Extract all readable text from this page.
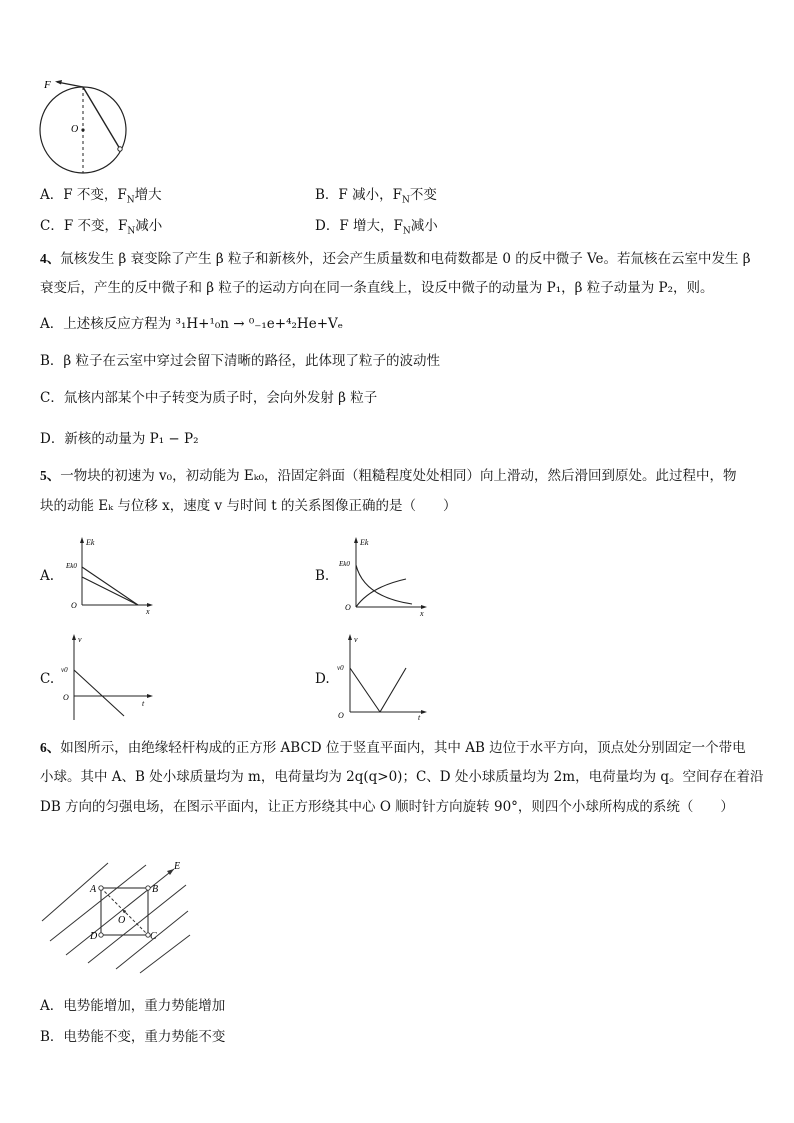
F
O
A．F 不变，$F_N$增大	B．F 减小，$F_N$不变
C．F 不变，$F_N$减小	D．F 增大，$F_N$减小
4、氚核发生 β 衰变除了产生 β 粒子和新核外，还会产生质量数和电荷数都是 0 的反中微子 Ve。若氚核在云室中发生 β
衰变后，产生的反中微子和 β 粒子的运动方向在同一条直线上，设反中微子的动量为 P₁，β 粒子动量为 P₂，则。
A．上述核反应方程为 ³₁H+¹₀n → ⁰₋₁e+⁴₂He+Vₑ
B．β 粒子在云室中穿过会留下清晰的路径，此体现了粒子的波动性
C．氚核内部某个中子转变为质子时，会向外发射 β 粒子
D．新核的动量为 P₁ − P₂
5、一物块的初速为 v₀，初动能为 Eₖ₀，沿固定斜面（粗糙程度处处相同）向上滑动，然后滑回到原处。此过程中，物
块的动能 Eₖ 与位移 x，速度 v 与时间 t 的关系图像正确的是（　　）
A.
Ek
Ek0
O
x
B.
Ek
Ek0
O
x
C.
v
v0
O
t
D.
v
v0
O	t
6、如图所示，由绝缘轻杆构成的正方形 ABCD 位于竖直平面内，其中 AB 边位于水平方向，顶点处分别固定一个带电
小球。其中 A、B 处小球质量均为 m，电荷量均为 2q(q>0)；C、D 处小球质量均为 2m，电荷量均为 q。空间存在着沿
DB 方向的匀强电场，在图示平面内，让正方形绕其中心 O 顺时针方向旋转 90°，则四个小球所构成的系统（　　）
A	B
C
D
O
E
A．电势能增加，重力势能增加
B．电势能不变，重力势能不变
